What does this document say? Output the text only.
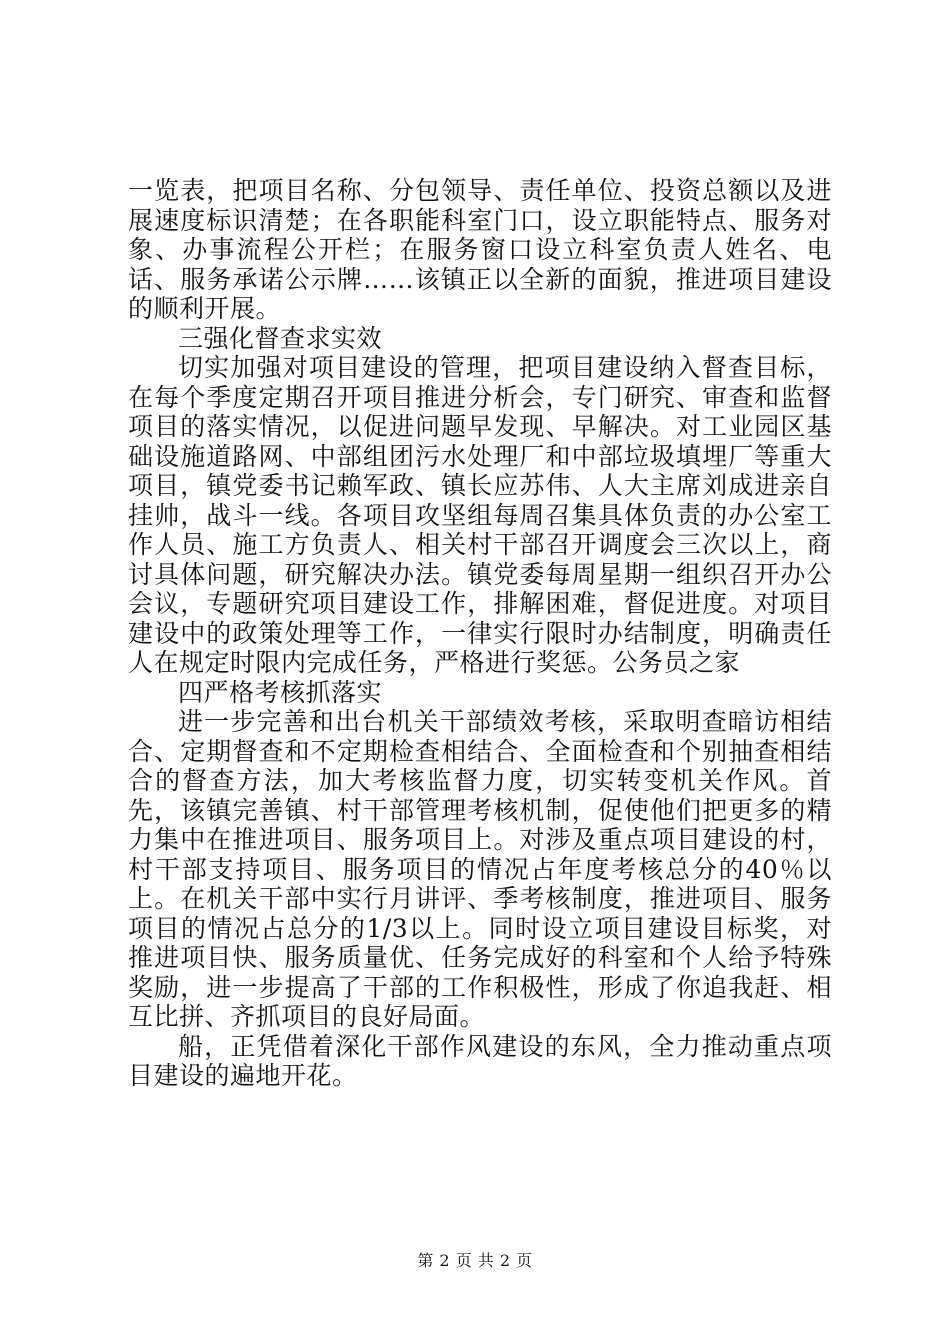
一览表，把项目名称、分包领导、责任单位、投资总额以及进展速度标识清楚；在各职能科室门口，设立职能特点、服务对象、办事流程公开栏；在服务窗口设立科室负责人姓名、电话、服务承诺公示牌……该镇正以全新的面貌，推进项目建设的顺利开展。

三强化督查求实效

切实加强对项目建设的管理，把项目建设纳入督查目标，在每个季度定期召开项目推进分析会，专门研究、审查和监督项目的落实情况，以促进问题早发现、早解决。对工业园区基础设施道路网、中部组团污水处理厂和中部垃圾填埋厂等重大项目，镇党委书记赖军政、镇长应苏伟、人大主席刘成进亲自挂帅，战斗一线。各项目攻坚组每周召集具体负责的办公室工作人员、施工方负责人、相关村干部召开调度会三次以上，商讨具体问题，研究解决办法。镇党委每周星期一组织召开办公会议，专题研究项目建设工作，排解困难，督促进度。对项目建设中的政策处理等工作，一律实行限时办结制度，明确责任人在规定时限内完成任务，严格进行奖惩。公务员之家

四严格考核抓落实

进一步完善和出台机关干部绩效考核，采取明查暗访相结合、定期督查和不定期检查相结合、全面检查和个别抽查相结合的督查方法，加大考核监督力度，切实转变机关作风。首先，该镇完善镇、村干部管理考核机制，促使他们把更多的精力集中在推进项目、服务项目上。对涉及重点项目建设的村，村干部支持项目、服务项目的情况占年度考核总分的40％以上。在机关干部中实行月讲评、季考核制度，推进项目、服务项目的情况占总分的1/3以上。同时设立项目建设目标奖，对推进项目快、服务质量优、任务完成好的科室和个人给予特殊奖励，进一步提高了干部的工作积极性，形成了你追我赶、相互比拼、齐抓项目的良好局面。

船，正凭借着深化干部作风建设的东风，全力推动重点项目建设的遍地开花。

第 2 页 共 2 页
